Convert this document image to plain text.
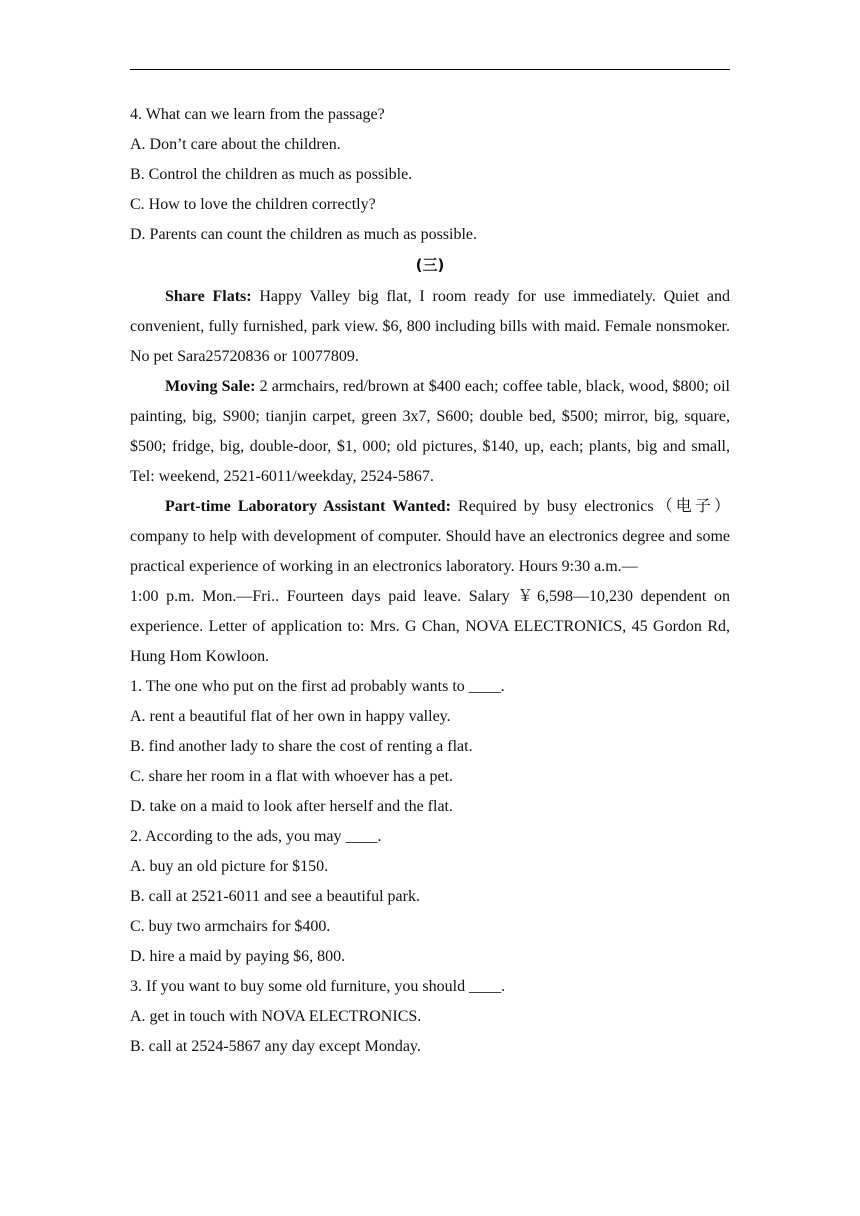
4. What can we learn from the passage?
A. Don’t care about the children.
B. Control the children as much as possible.
C. How to love the children correctly?
D. Parents can count the children as much as possible.
(三)
Share Flats: Happy Valley big flat, I room ready for use immediately. Quiet and convenient, fully furnished, park view. $6, 800 including bills with maid. Female nonsmoker. No pet Sara25720836 or 10077809.
Moving Sale: 2 armchairs, red/brown at $400 each; coffee table, black, wood, $800; oil painting, big, S900; tianjin carpet, green 3x7, S600; double bed, $500; mirror, big, square, $500; fridge, big, double-door, $1, 000; old pictures, $140, up, each; plants, big and small, Tel: weekend, 2521-6011/weekday, 2524-5867.
Part-time Laboratory Assistant Wanted: Required by busy electronics（电子）company to help with development of computer. Should have an electronics degree and some practical experience of working in an electronics laboratory. Hours 9:30 a.m.—
1:00 p.m. Mon.—Fri.. Fourteen days paid leave. Salary ￥6,598—10,230 dependent on experience. Letter of application to: Mrs. G Chan, NOVA ELECTRONICS, 45 Gordon Rd, Hung Hom Kowloon.
1. The one who put on the first ad probably wants to ____.
A. rent a beautiful flat of her own in happy valley.
B. find another lady to share the cost of renting a flat.
C. share her room in a flat with whoever has a pet.
D. take on a maid to look after herself and the flat.
2. According to the ads, you may ____.
A. buy an old picture for $150.
B. call at 2521-6011 and see a beautiful park.
C. buy two armchairs for $400.
D. hire a maid by paying $6, 800.
3. If you want to buy some old furniture, you should ____.
A. get in touch with NOVA ELECTRONICS.
B. call at 2524-5867 any day except Monday.
